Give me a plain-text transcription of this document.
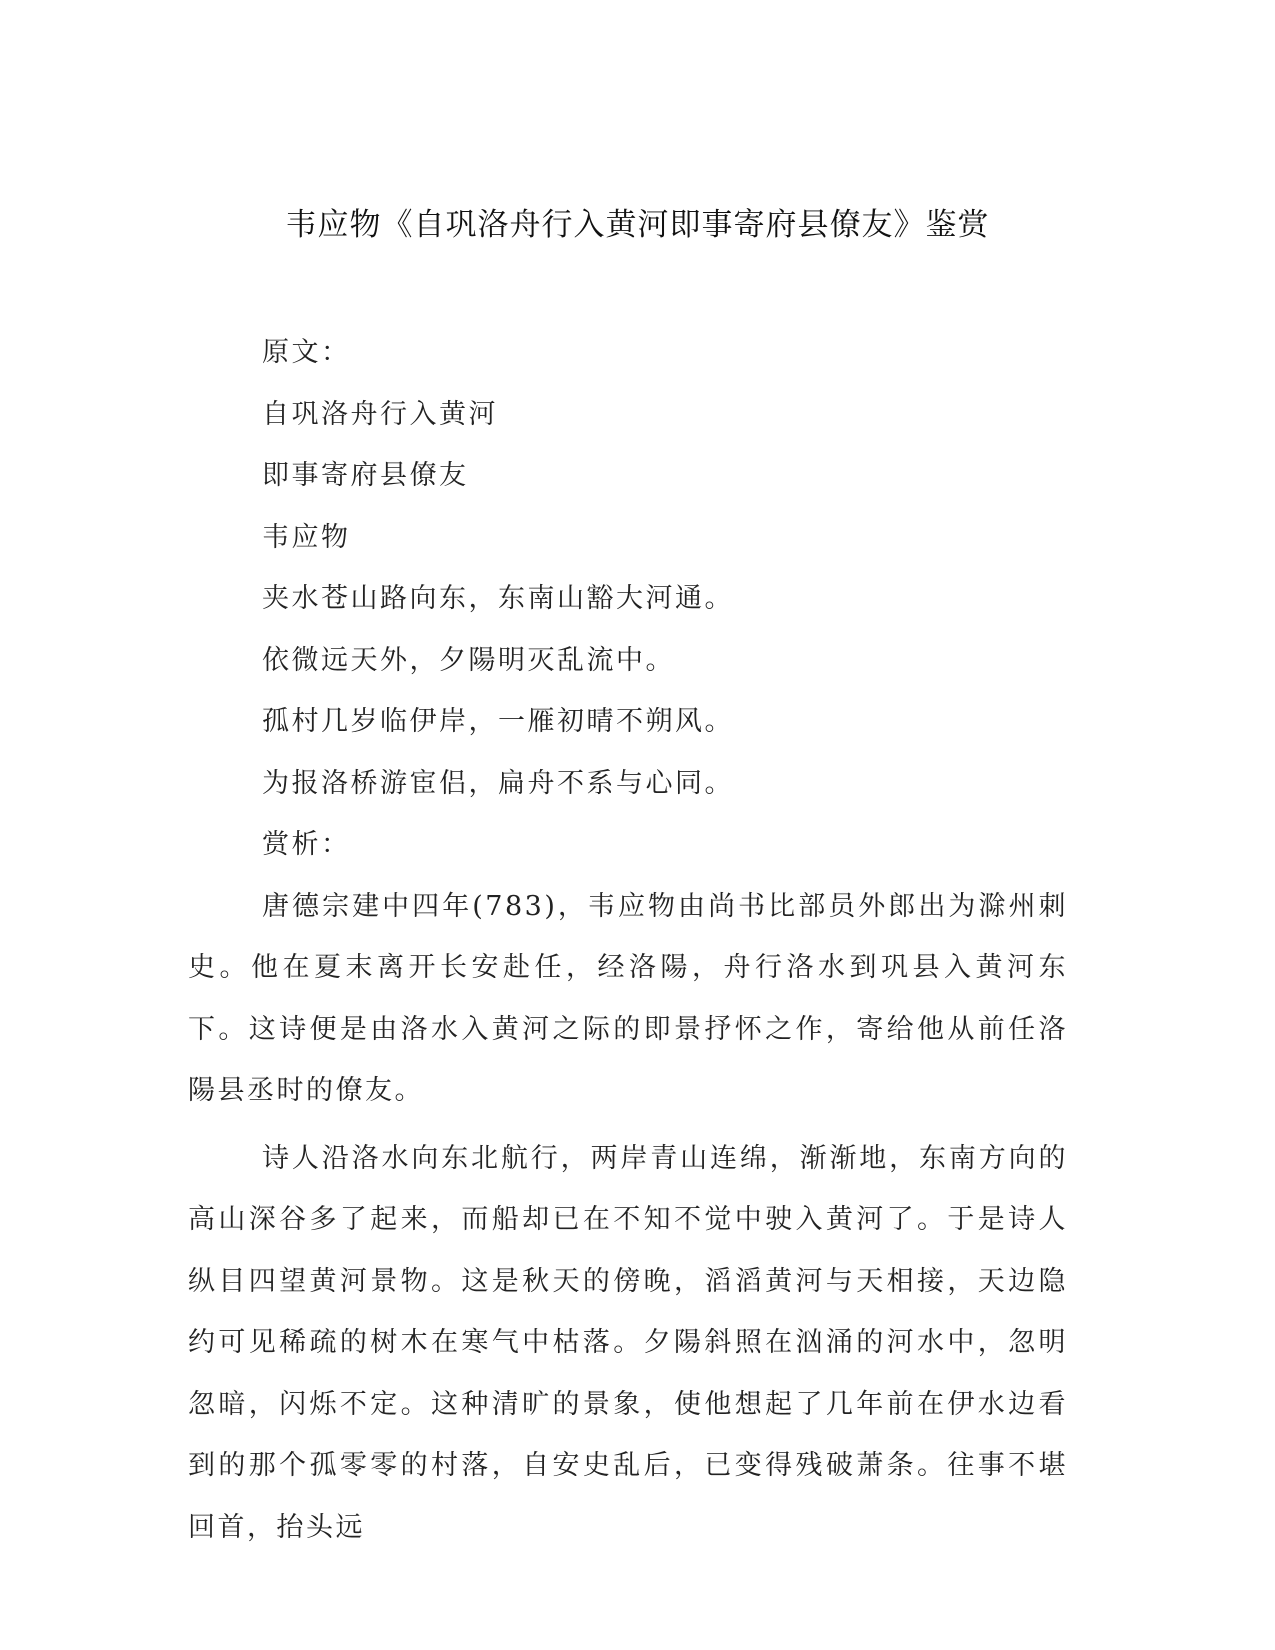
韦应物《自巩洛舟行入黄河即事寄府县僚友》鉴赏

原文：

自巩洛舟行入黄河

即事寄府县僚友

韦应物

夹水苍山路向东，东南山豁大河通。

依微远天外，夕陽明灭乱流中。

孤村几岁临伊岸，一雁初晴不朔风。

为报洛桥游宦侣，扁舟不系与心同。

赏析：

唐德宗建中四年(783)，韦应物由尚书比部员外郎出为滁州刺史。他在夏末离开长安赴任，经洛陽，舟行洛水到巩县入黄河东下。这诗便是由洛水入黄河之际的即景抒怀之作，寄给他从前任洛陽县丞时的僚友。

诗人沿洛水向东北航行，两岸青山连绵，渐渐地，东南方向的高山深谷多了起来，而船却已在不知不觉中驶入黄河了。于是诗人纵目四望黄河景物。这是秋天的傍晚，滔滔黄河与天相接，天边隐约可见稀疏的树木在寒气中枯落。夕陽斜照在汹涌的河水中，忽明忽暗，闪烁不定。这种清旷的景象，使他想起了几年前在伊水边看到的那个孤零零的村落，自安史乱后，已变得残破萧条。往事不堪回首，抬头远
